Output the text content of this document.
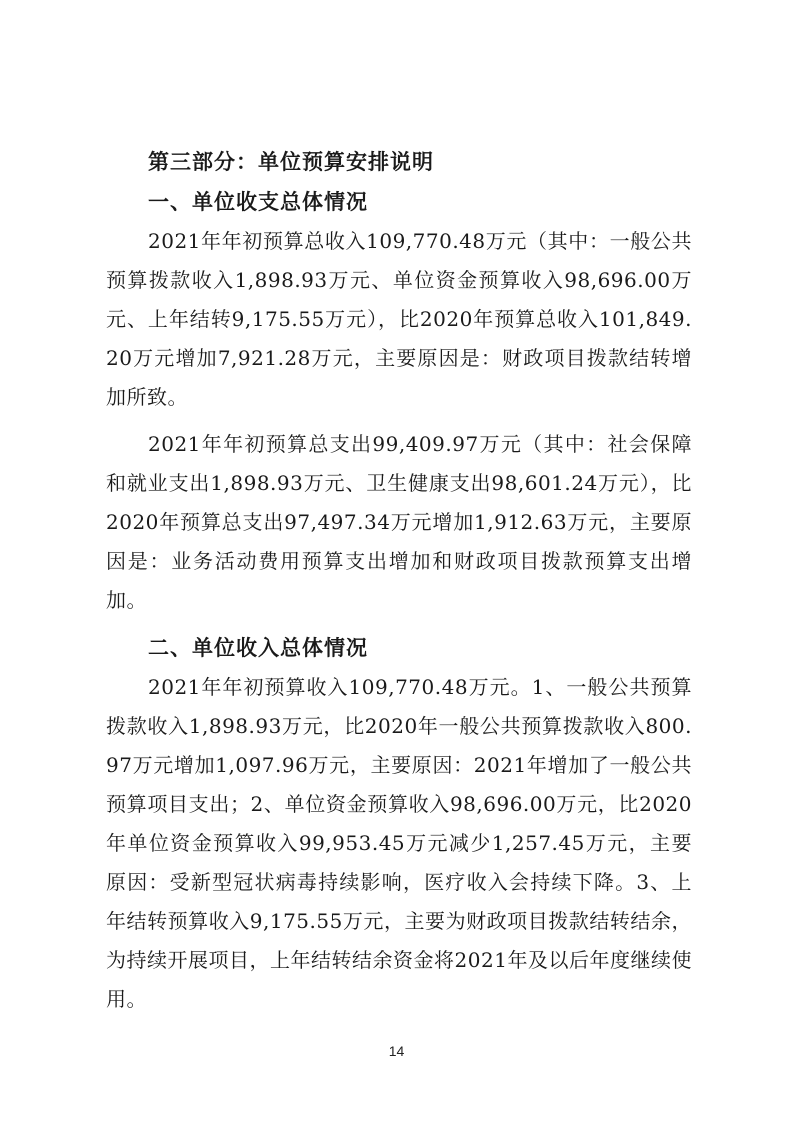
第三部分：单位预算安排说明

一、单位收支总体情况

2021年年初预算总收入109,770.48万元（其中：一般公共预算拨款收入1,898.93万元、单位资金预算收入98,696.00万元、上年结转9,175.55万元），比2020年预算总收入101,849.20万元增加7,921.28万元，主要原因是：财政项目拨款结转增加所致。

2021年年初预算总支出99,409.97万元（其中：社会保障和就业支出1,898.93万元、卫生健康支出98,601.24万元），比2020年预算总支出97,497.34万元增加1,912.63万元，主要原因是：业务活动费用预算支出增加和财政项目拨款预算支出增加。

二、单位收入总体情况

2021年年初预算收入109,770.48万元。1、一般公共预算拨款收入1,898.93万元，比2020年一般公共预算拨款收入800.97万元增加1,097.96万元，主要原因：2021年增加了一般公共预算项目支出；2、单位资金预算收入98,696.00万元，比2020年单位资金预算收入99,953.45万元减少1,257.45万元，主要原因：受新型冠状病毒持续影响，医疗收入会持续下降。3、上年结转预算收入9,175.55万元，主要为财政项目拨款结转结余，为持续开展项目，上年结转结余资金将2021年及以后年度继续使用。

14
